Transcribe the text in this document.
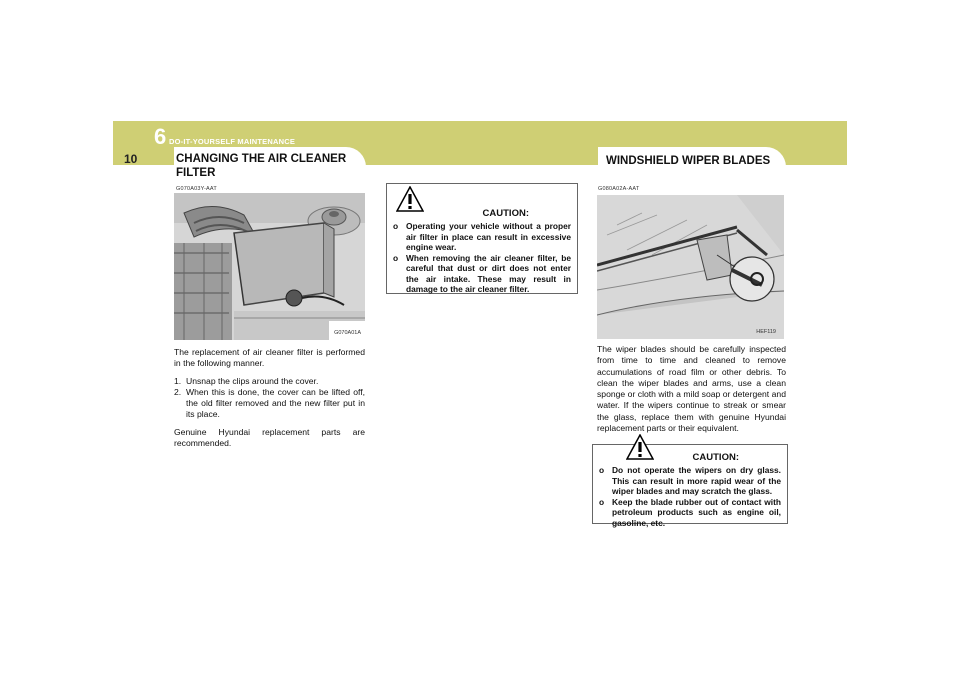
6 DO-IT-YOURSELF MAINTENANCE
10	CHANGING THE AIR CLEANER FILTER
G070A03Y-AAT
G070A01A

The replacement of air cleaner filter is performed in the following manner.

1. Unsnap the clips around the cover.
2. When this is done, the cover can be lifted off, the old filter removed and the new filter put in its place.

Genuine Hyundai replacement parts are recommended.

CAUTION:
o Operating your vehicle without a proper air filter in place can result in excessive engine wear.
o When removing the air cleaner filter, be careful that dust or dirt does not enter the air intake. These may result in damage to the air cleaner filter.
WINDSHIELD WIPER BLADES
G080A02A-AAT
HEF119

The wiper blades should be carefully inspected from time to time and cleaned to remove accumulations of road film or other debris. To clean the wiper blades and arms, use a clean sponge or cloth with a mild soap or detergent and water. If the wipers continue to streak or smear the glass, replace them with genuine Hyundai replacement parts or their equivalent.

CAUTION:
o Do not operate the wipers on dry glass. This can result in more rapid wear of the wiper blades and may scratch the glass.
o Keep the blade rubber out of contact with petroleum products such as engine oil, gasoline, etc.
